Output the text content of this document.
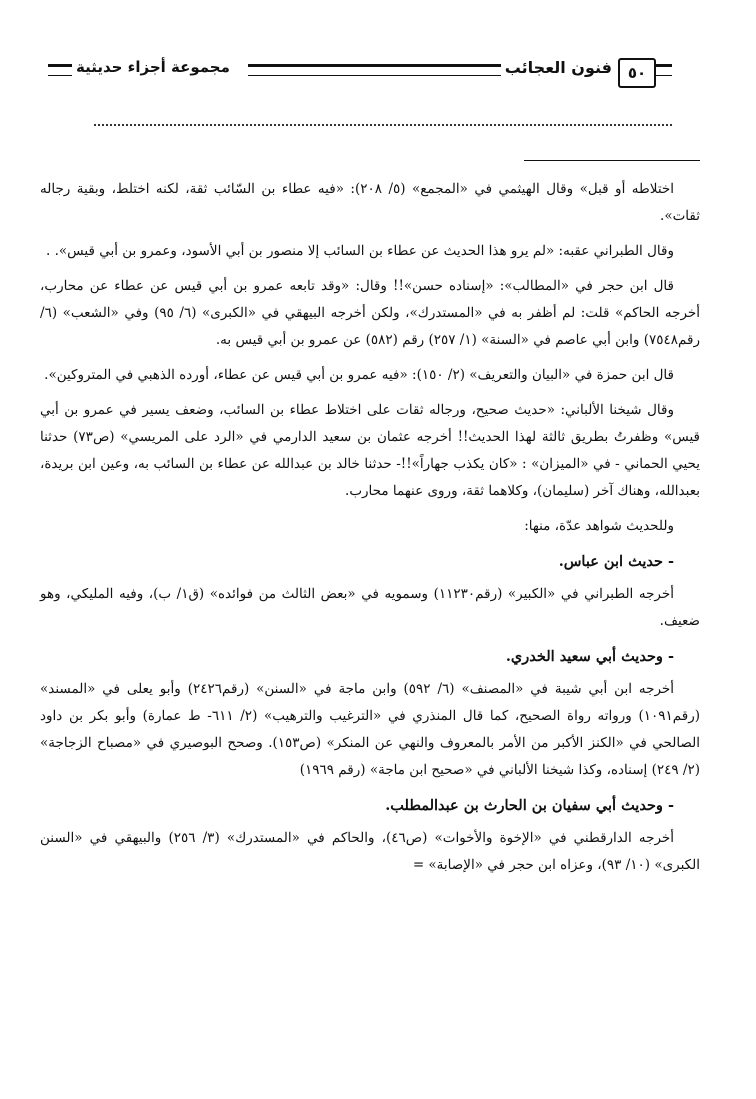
٥٠
فنون العجائب
مجموعة أجزاء حديثية

اختلاطه أو قبل» وقال الهيثمي في «المجمع» (٥/ ٢٠٨): «فيه عطاء بن السّائب ثقة، لكنه اختلط، وبقية رجاله ثقات».

وقال الطبراني عقبه: «لم يرو هذا الحديث عن عطاء بن السائب إلا منصور بن أبي الأسود، وعمرو بن أبي قيس». .

قال ابن حجر في «المطالب»: «إسناده حسن»!! وقال: «وقد تابعه عمرو بن أبي قيس عن عطاء عن محارب، أخرجه الحاكم» قلت: لم أظفر به في «المستدرك»، ولكن أخرجه البيهقي في «الكبرى» (٦/ ٩٥) وفي «الشعب» (٦/ رقم٧٥٤٨) وابن أبي عاصم في «السنة» (١/ ٢٥٧) رقم (٥٨٢) عن عمرو بن أبي قيس به.

قال ابن حمزة في «البيان والتعريف» (٢/ ١٥٠): «فيه عمرو بن أبي قيس عن عطاء، أورده الذهبي في المتروكين».

وقال شيخنا الألباني: «حديث صحيح، ورجاله ثقات على اختلاط عطاء بن السائب، وضعف يسير في عمرو بن أبي قيس» وظفرتُ بطريق ثالثة لهذا الحديث!! أخرجه عثمان بن سعيد الدارمي في «الرد على المريسي» (ص٧٣) حدثنا يحيي الحماني - في «الميزان» : «كان يكذب جهاراً»!!- حدثنا خالد بن عبدالله عن عطاء بن السائب به، وعين ابن بريدة، بعبدالله، وهناك آخر (سليمان)، وكلاهما ثقة، وروى عنهما محارب.

وللحديث شواهد عدّة، منها:

- حديث ابن عباس.

أخرجه الطبراني في «الكبير» (رقم١١٢٣٠) وسمويه في «بعض الثالث من فوائده» (ق١/ ب)، وفيه المليكي، وهو ضعيف.

- وحديث أبي سعيد الخدري.

أخرجه ابن أبي شيبة في «المصنف» (٦/ ٥٩٢) وابن ماجة في «السنن» (رقم٢٤٢٦) وأبو يعلى في «المسند» (رقم١٠٩١) ورواته رواة الصحيح، كما قال المنذري في «الترغيب والترهيب» (٢/ ٦١١- ط عمارة) وأبو بكر بن داود الصالحي في «الكنز الأكبر من الأمر بالمعروف والنهي عن المنكر» (ص١٥٣). وصحح البوصيري في «مصباح الزجاجة» (٢/ ٢٤٩) إسناده، وكذا شيخنا الألباني في «صحيح ابن ماجة» (رقم ١٩٦٩)

- وحديث أبي سفيان بن الحارث بن عبدالمطلب.

أخرجه الدارقطني في «الإخوة والأخوات» (ص٤٦)، والحاكم في «المستدرك» (٣/ ٢٥٦) والبيهقي في «السنن الكبرى» (١٠/ ٩٣)، وعزاه ابن حجر في «الإصابة» =
